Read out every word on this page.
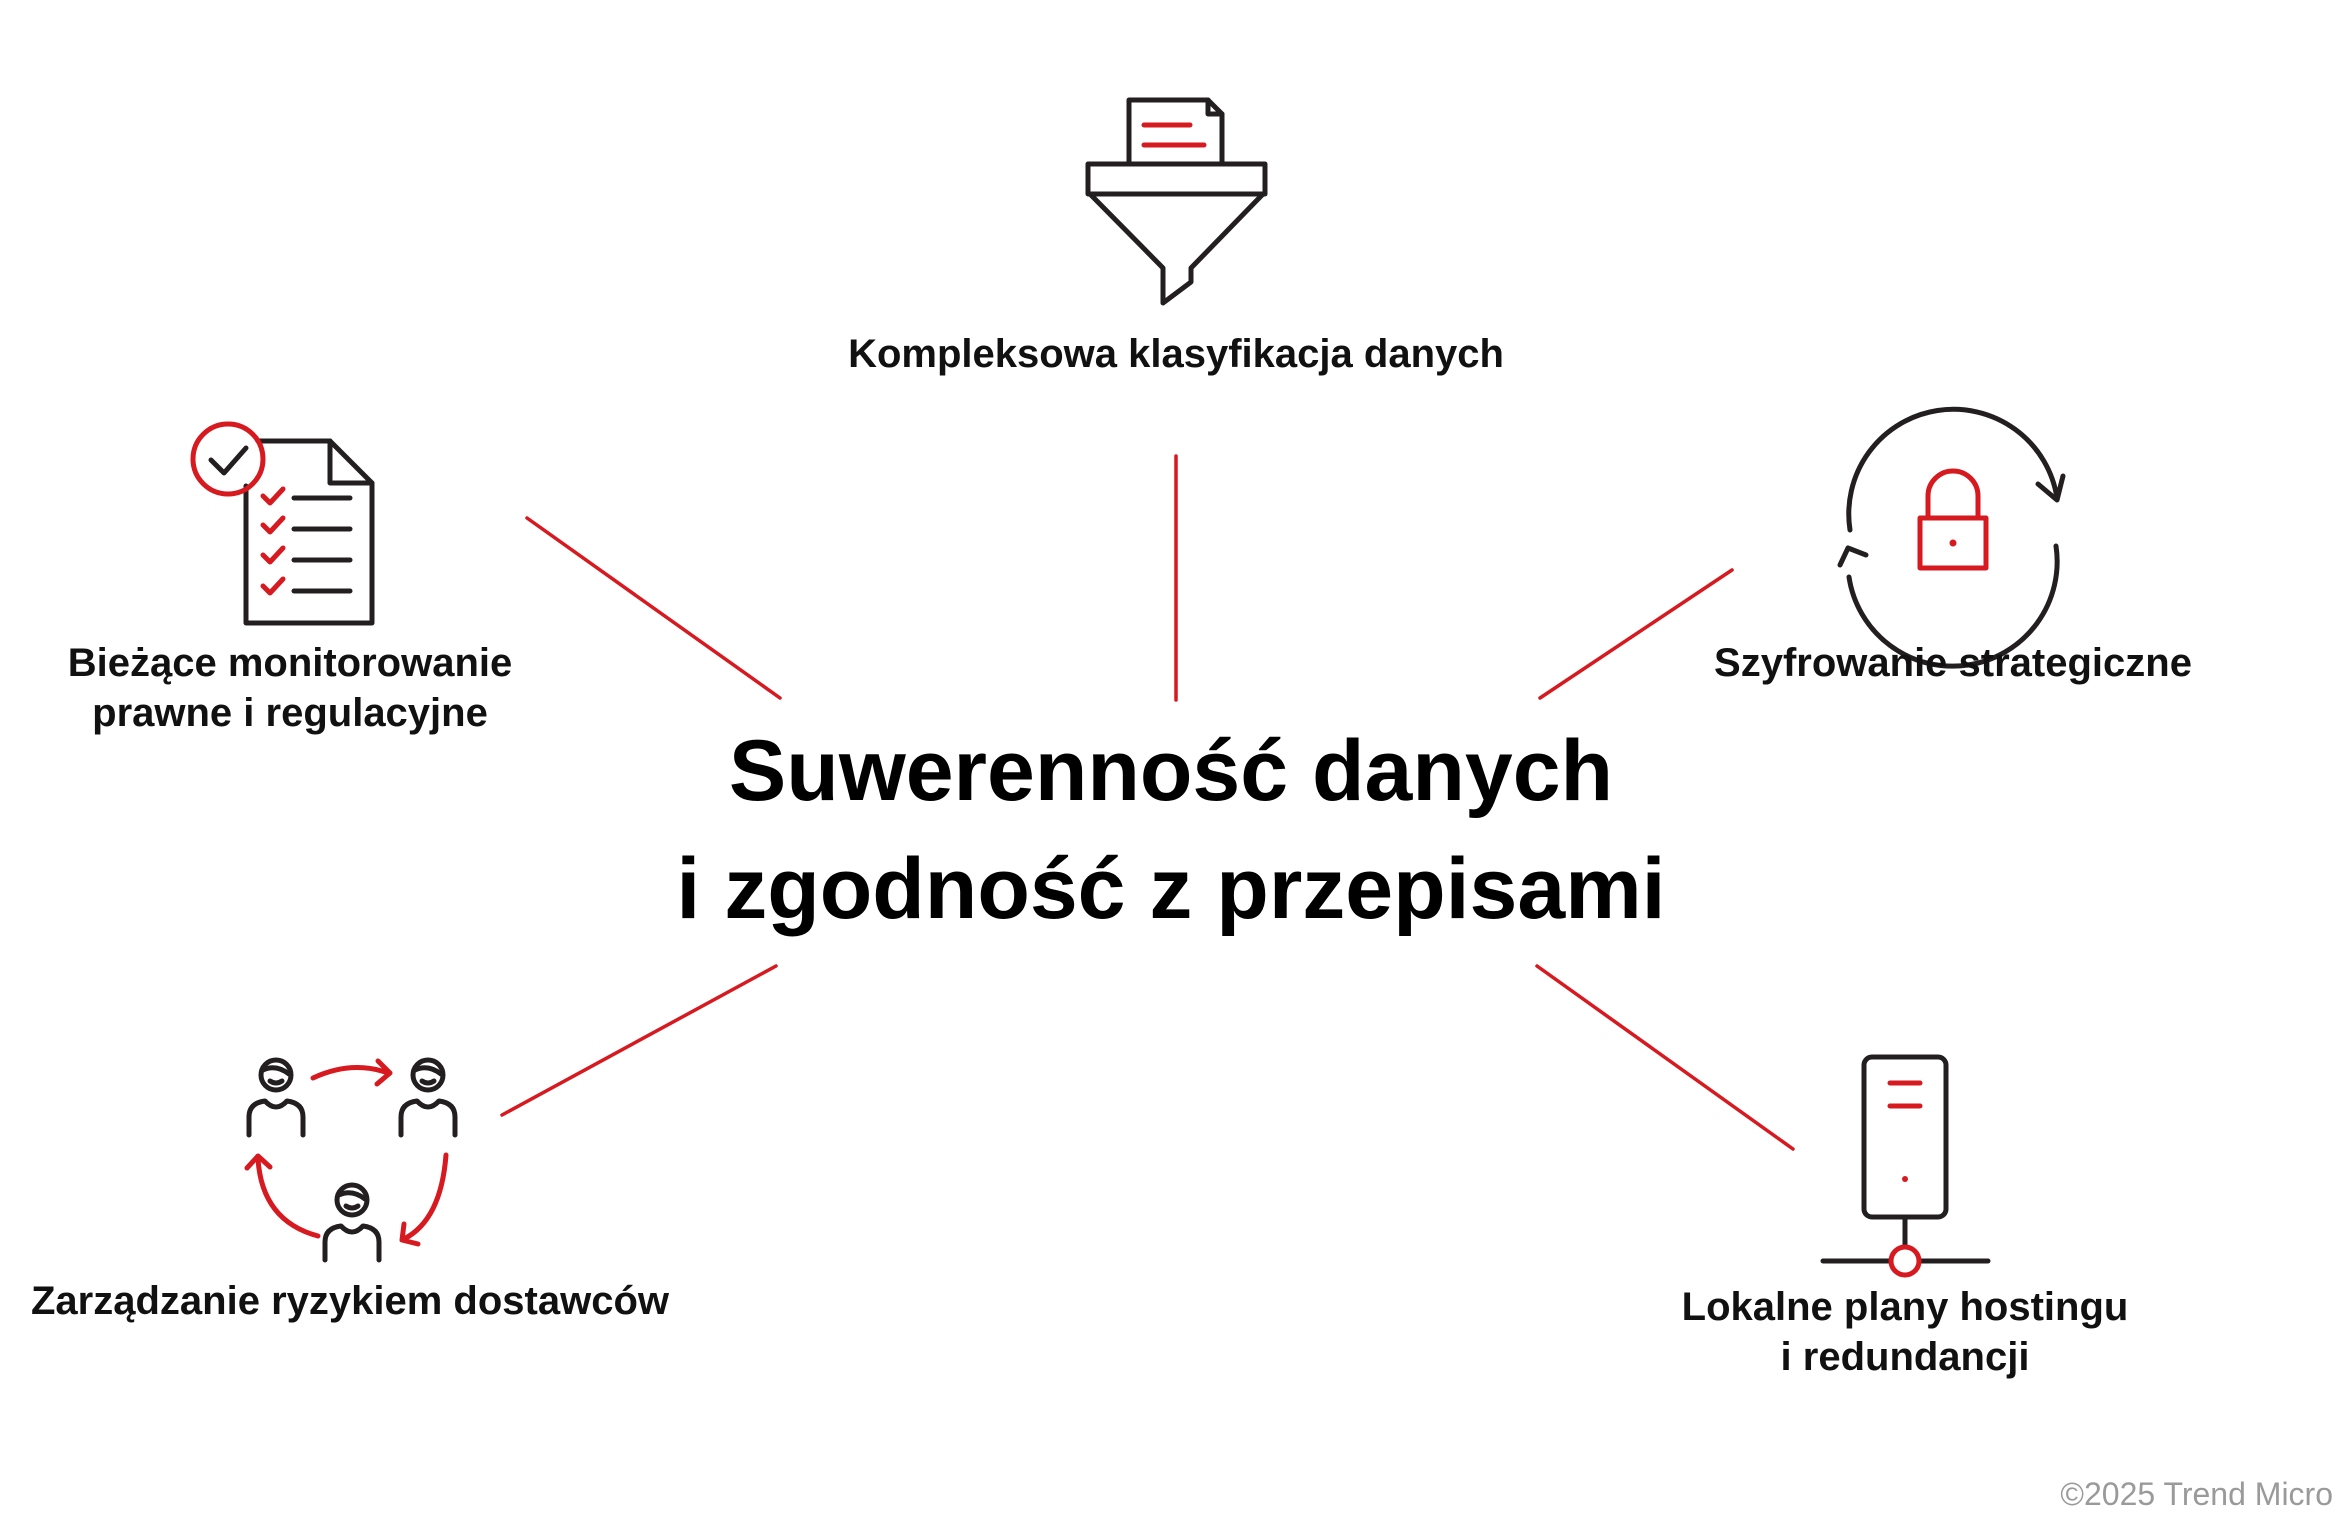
Kompleksowa klasyfikacja danych

Bieżące monitorowanie
prawne i regulacyjne

Szyfrowanie strategiczne

Zarządzanie ryzykiem dostawców	Lokalne plany hostingu
i redundancji

Suwerenność danych
i zgodność z przepisami
©2025 Trend Micro
